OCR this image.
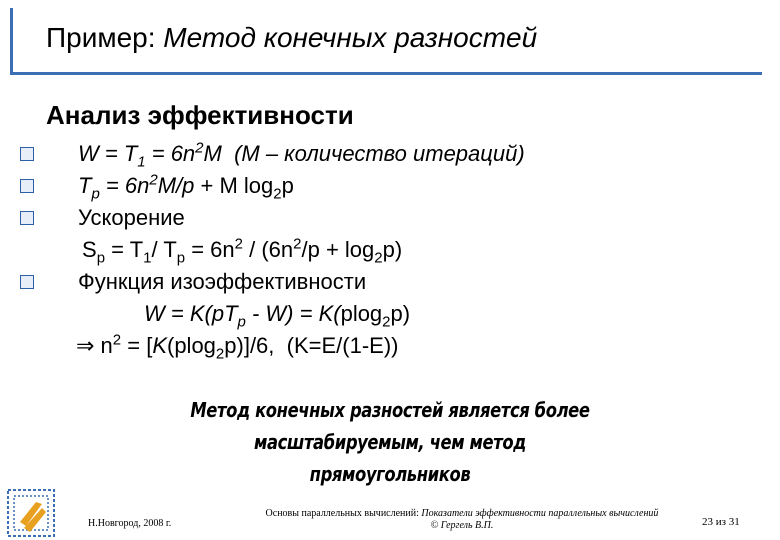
Пример: Метод конечных разностей
Анализ эффективности
$W = T_1 = 6n^2M$  (M – количество итераций)
$T_p = 6n^2M/p + M$ $\log_2p$
Ускорение
$S_p = T_1/$ $T_p = 6n^2 / (6n^2/p + \log_2p)$
Функция изоэффективности
$W = K(pT_p - W) = K(plog_2p)$
⇒ $n^2 = [K(plog_2p)]/6$,  (K=E/(1-E))
Метод конечных разностей является более масштабируемым, чем метод
прямоугольников
Н.Новгород, 2008 г.
Основы параллельных вычислений: Показатели эффективности параллельных вычислений
© Гергель В.П.	23 из 31
